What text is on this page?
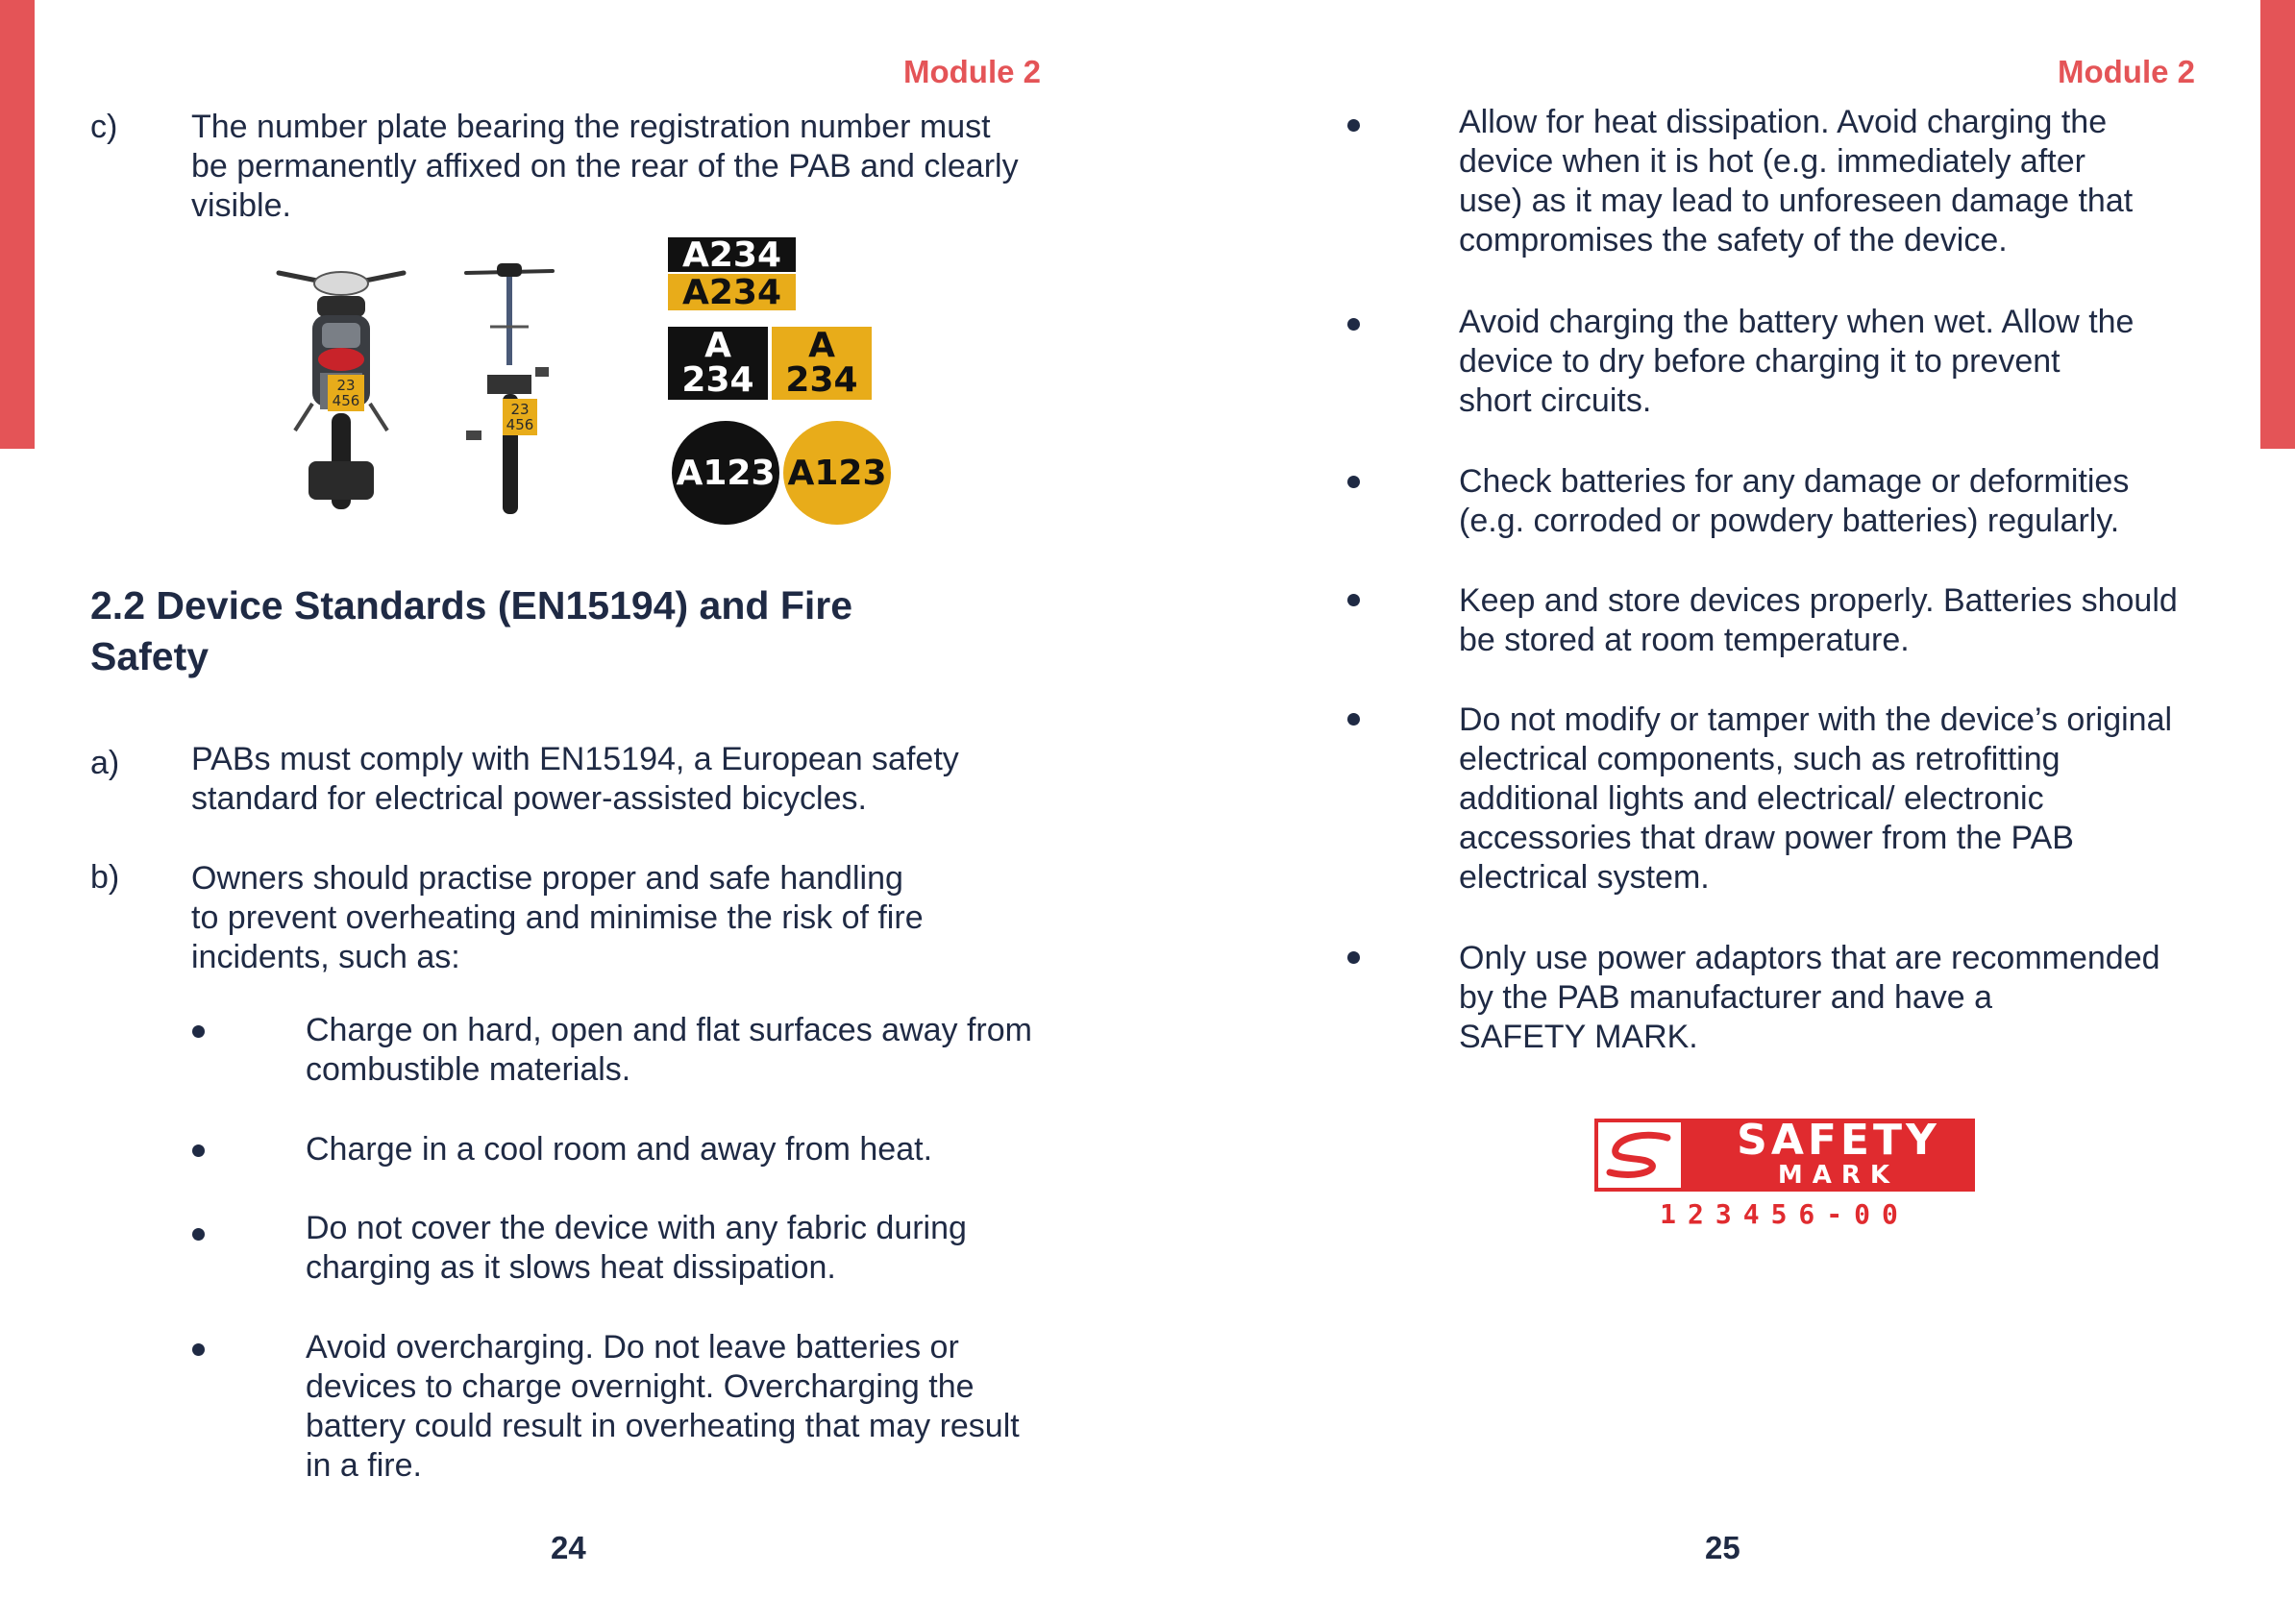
Module 2
c) The number plate bearing the registration number must
be permanently affixed on the rear of the PAB and clearly
visible.
23
456	23
456
A234
A234
A
234
A
234
A123 A123
2.2 Device Standards (EN15194) and Fire
Safety
a) PABs must comply with EN15194, a European safety
standard for electrical power-assisted bicycles.
b) Owners should practise proper and safe handling
to prevent overheating and minimise the risk of fire
incidents, such as:
Charge on hard, open and flat surfaces away from
combustible materials.
Charge in a cool room and away from heat.
Do not cover the device with any fabric during
charging as it slows heat dissipation.
Avoid overcharging. Do not leave batteries or
devices to charge overnight. Overcharging the
battery could result in overheating that may result
in a fire.
24
Module 2
Allow for heat dissipation. Avoid charging the
device when it is hot (e.g. immediately after
use) as it may lead to unforeseen damage that
compromises the safety of the device.
Avoid charging the battery when wet. Allow the
device to dry before charging it to prevent
short circuits.
Check batteries for any damage or deformities
(e.g. corroded or powdery batteries) regularly.
Keep and store devices properly. Batteries should
be stored at room temperature.
Do not modify or tamper with the device’s original
electrical components, such as retrofitting
additional lights and electrical/ electronic
accessories that draw power from the PAB
electrical system.
Only use power adaptors that are recommended
by the PAB manufacturer and have a
SAFETY MARK.
SAFETY
MARK
123456-00
25
